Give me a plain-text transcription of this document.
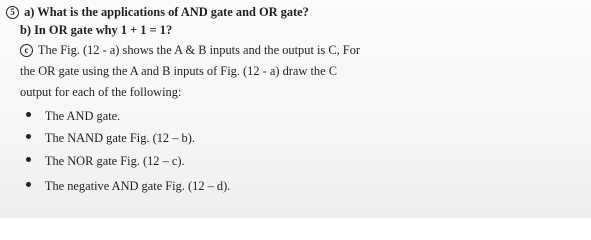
5 a) What is the applications of AND gate and OR gate?
b) In OR gate why 1 + 1 = 1?
c The Fig. (12 - a) shows the A & B inputs and the output is C, For
the OR gate using the A and B inputs of Fig. (12 - a) draw the C
output for each of the following:
The AND gate.
The NAND gate Fig. (12 – b).
The NOR gate Fig. (12 – c).
The negative AND gate Fig. (12 – d).
